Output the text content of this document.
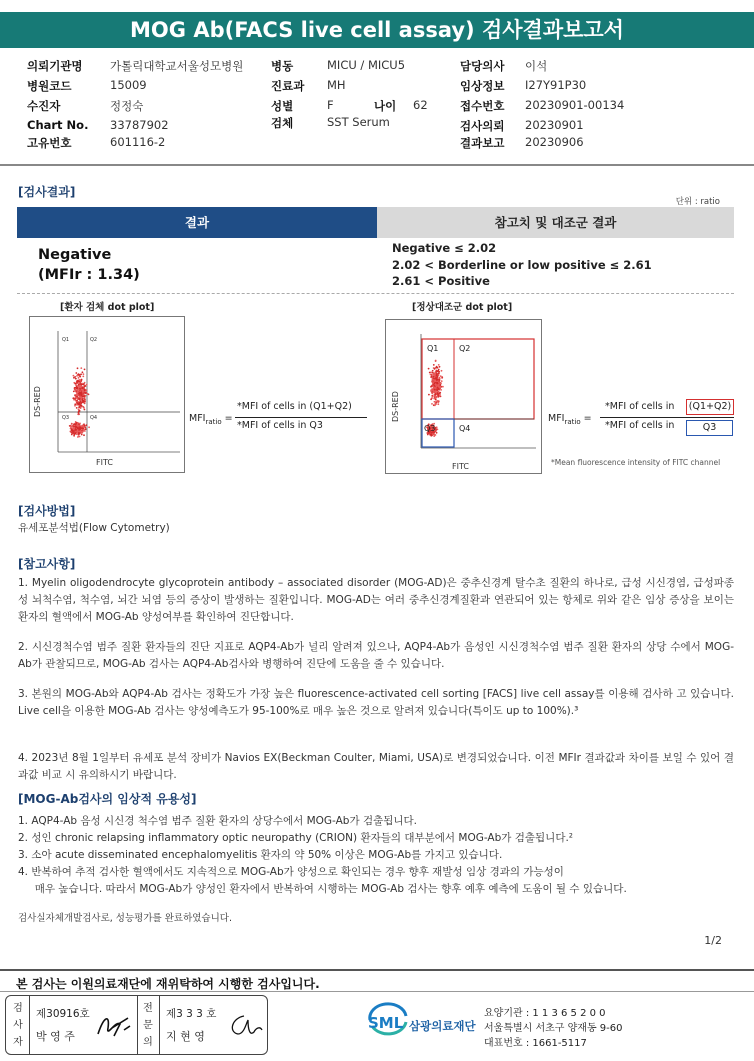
MOG Ab(FACS live cell assay) 검사결과보고서
의뢰기관명 가톨릭대학교서울성모병원
병원코드	15009
수진자	정정숙
Chart No. 33787902
고유번호	601116-2
병동	MICU / MICU5
진료과 MH
성별	F	나이 62
검체	SST Serum
담당의사 이석
임상정보 I27Y91P30
접수번호 20230901-00134
검사의뢰 20230901
결과보고 20230906
[검사결과]
단위 : ratio
결과	참고치 및 대조군 결과
Negative
(MFIr : 1.34)
Negative ≤ 2.02
2.02 < Borderline or low positive ≤ 2.61
2.61 < Positive
[환자 검체 dot plot]
Q1	Q2
Q3	Q4
FITC
DS-RED
$MFI_{ratio}$ =
*MFI of cells in (Q1+Q2)
*MFI of cells in Q3
[정상대조군 dot plot]
Q1	Q2
Q3	Q4
FITC
DS-RED	$MFI_{ratio}$ =
*MFI of cells in (Q1+Q2)
*MFI of cells in	Q3
*Mean fluorescence intensity of FITC channel
[검사방법]
유세포분석법(Flow Cytometry)
[참고사항]
1. Myelin oligodendrocyte glycoprotein antibody – associated disorder (MOG-AD)은 중추신경계 탈수초 질환의 하나로, 급성 시신경염, 급성파종성 뇌척수염, 척수염, 뇌간 뇌염 등의 증상이 발생하는 질환입니다. MOG-AD는 여러 중추신경계질환과 연관되어 있는 항체로 위와 같은 임상 증상을 보이는 환자의 혈액에서 MOG-Ab 양성여부를 확인하여 진단합니다.
2. 시신경척수염 범주 질환 환자들의 진단 지표로 AQP4-Ab가 널리 알려져 있으나, AQP4-Ab가 음성인 시신경척수염 범주 질환 환자의 상당 수에서 MOG-Ab가 관찰되므로, MOG-Ab 검사는 AQP4-Ab검사와 병행하여 진단에 도움을 줄 수 있습니다.
3. 본원의 MOG-Ab와 AQP4-Ab 검사는 정확도가 가장 높은 fluorescence-activated cell sorting [FACS] live cell assay를 이용해 검사하 고 있습니다. Live cell을 이용한 MOG-Ab 검사는 양성예측도가 95-100%로 매우 높은 것으로 알려져 있습니다(특이도 up to 100%).³
4. 2023년 8월 1일부터 유세포 분석 장비가 Navios EX(Beckman Coulter, Miami, USA)로 변경되었습니다. 이전 MFIr 결과값과 차이를 보일 수 있어 결과값 비교 시 유의하시기 바랍니다.
[MOG-Ab검사의 임상적 유용성]
1. AQP4-Ab 음성 시신경 척수염 범주 질환 환자의 상당수에서 MOG-Ab가 검출됩니다.
2. 성인 chronic relapsing inflammatory optic neuropathy (CRION) 환자들의 대부분에서 MOG-Ab가 검출됩니다.²
3. 소아 acute disseminated encephalomyelitis 환자의 약 50% 이상은 MOG-Ab를 가지고 있습니다.
4. 반복하여 추적 검사한 혈액에서도 지속적으로 MOG-Ab가 양성으로 확인되는 경우 향후 재발성 임상 경과의 가능성이
매우 높습니다. 따라서 MOG-Ab가 양성인 환자에서 반복하여 시행하는 MOG-Ab 검사는 향후 예후 예측에 도움이 될 수 있습니다.
검사실자체개발검사로, 성능평가를 완료하였습니다.
1/2
본 검사는 이원의료재단에 재위탁하여 시행한 검사입니다.
검사자
제30916호
박 영 주
전문의
제3 3 3 호
지 현 영
SML 삼광의료재단
요양기관 : 1 1 3 6 5 2 0 0
서울특별시 서초구 양재동 9-60
대표번호 : 1661-5117
